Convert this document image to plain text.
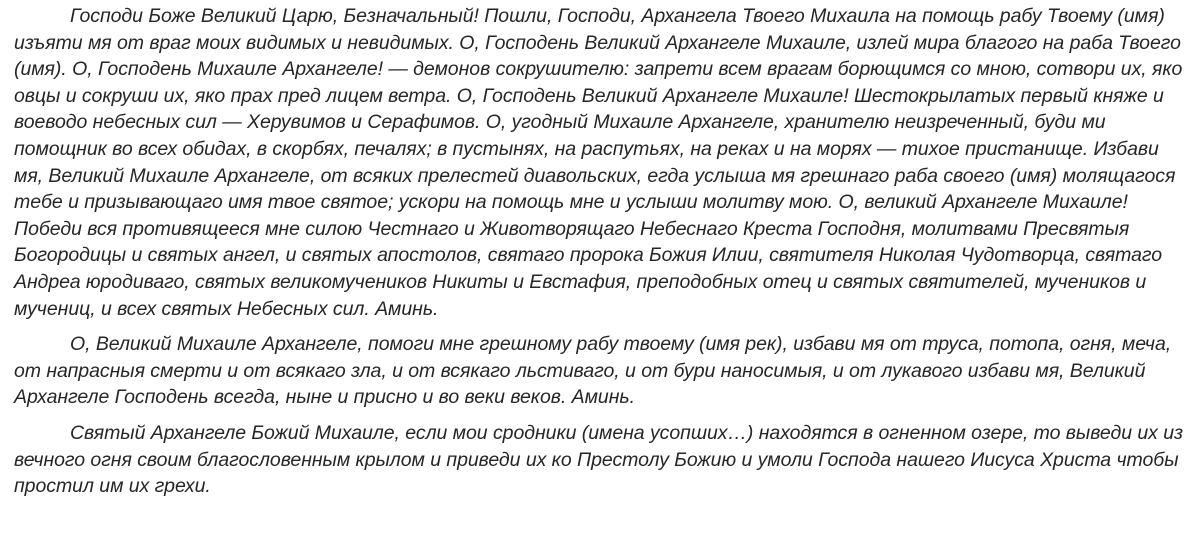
Господи Боже Великий Царю, Безначальный! Пошли, Господи, Архангела Твоего Михаила на помощь рабу Твоему (имя) изъяти мя от враг моих видимых и невидимых. О, Господень Великий Архангеле Михаиле, излей мира благого на раба Твоего (имя). О, Господень Михаиле Архангеле! — демонов сокрушителю: запрети всем врагам борющимся со мною, сотвори их, яко овцы и сокруши их, яко прах пред лицем ветра. О, Господень Великий Архангеле Михаиле! Шестокрылатых первый княже и воеводо небесных сил — Херувимов и Серафимов. О, угодный Михаиле Архангеле, хранителю неизреченный, буди ми помощник во всех обидах, в скорбях, печалях; в пустынях, на распутьях, на реках и на морях — тихое пристанище. Избави мя, Великий Михаиле Архангеле, от всяких прелестей диавольских, егда услыша мя грешнаго раба своего (имя) молящагося тебе и призывающаго имя твое святое; ускори на помощь мне и услыши молитву мою. О, великий Архангеле Михаиле! Победи вся противящееся мне силою Честнаго и Животворящаго Небеснаго Креста Господня, молитвами Пресвятыя Богородицы и святых ангел, и святых апостолов, святаго пророка Божия Илии, святителя Николая Чудотворца, святаго Андреа юродиваго, святых великомучеников Никиты и Евстафия, преподобных отец и святых святителей, мучеников и мучениц, и всех святых Небесных сил. Аминь.

О, Великий Михаиле Архангеле, помоги мне грешному рабу твоему (имя рек), избави мя от труса, потопа, огня, меча, от напрасныя смерти и от всякаго зла, и от всякаго льстиваго, и от бури наносимыя, и от лукавого избави мя, Великий Архангеле Господень всегда, ныне и присно и во веки веков. Аминь.

Святый Архангеле Божий Михаиле, если мои сродники (имена усопших…) находятся в огненном озере, то выведи их из вечного огня своим благословенным крылом и приведи их ко Престолу Божию и умоли Господа нашего Иисуса Христа чтобы простил им их грехи.
